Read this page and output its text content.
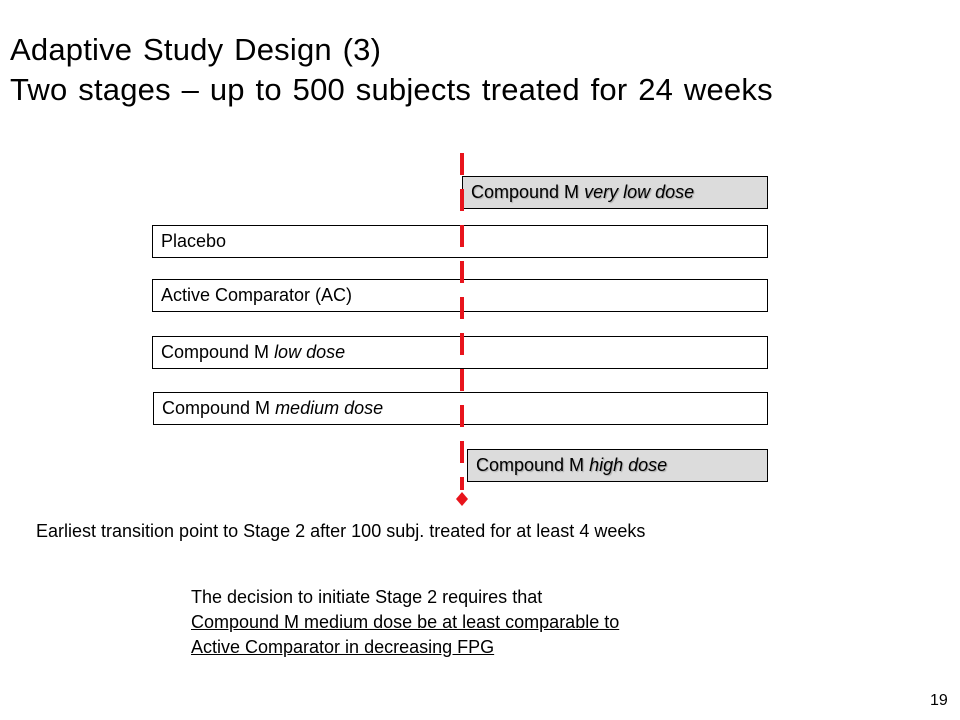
Adaptive Study Design (3)
Two stages – up to 500 subjects treated for 24 weeks
Compound M very low dose
Placebo
Active Comparator (AC)
Compound M low dose
Compound M medium dose
Compound M high dose
Earliest transition point to Stage 2 after 100 subj. treated for at least 4 weeks
The decision to initiate Stage 2 requires that
Compound M medium dose be at least comparable to
Active Comparator in decreasing FPG
19
